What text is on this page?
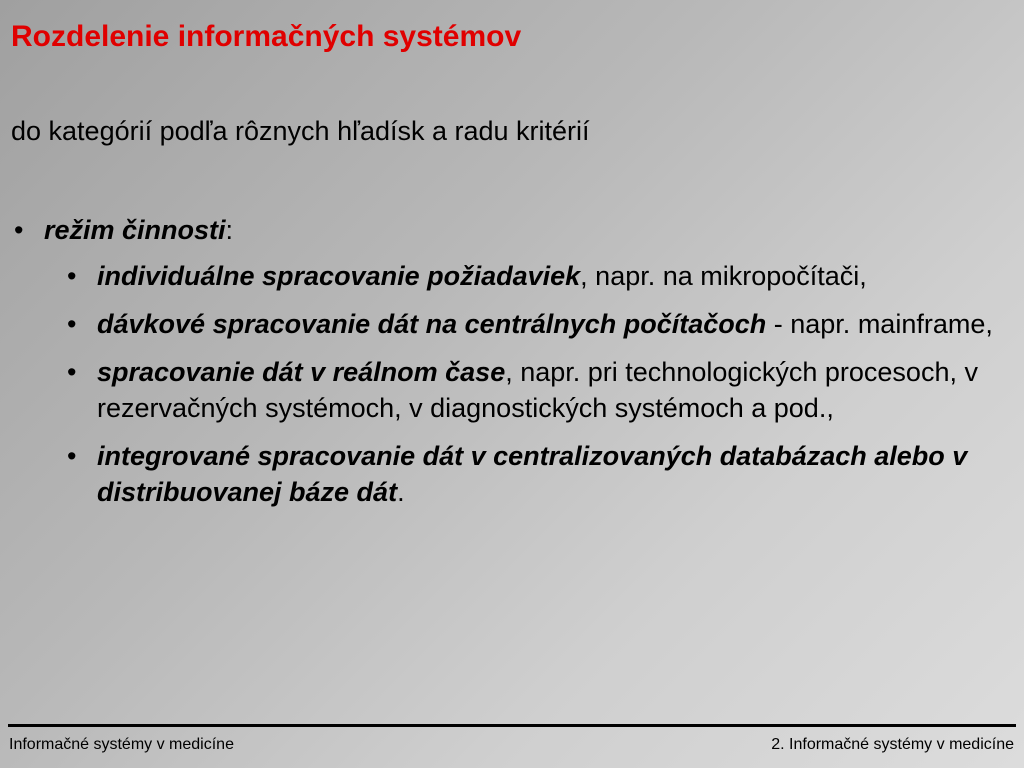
Rozdelenie informačných systémov
do kategórií podľa rôznych hľadísk a radu kritérií
• režim činnosti:
• individuálne spracovanie požiadaviek, napr. na mikropočítači,
• dávkové spracovanie dát na centrálnych počítačoch - napr. mainframe,
• spracovanie dát v reálnom čase, napr. pri technologických procesoch, v rezervačných systémoch, v diagnostických systémoch a pod.,
• integrované spracovanie dát v centralizovaných databázach alebo v distribuovanej báze dát.
Informačné systémy v medicíne	2. Informačné systémy v medicíne
